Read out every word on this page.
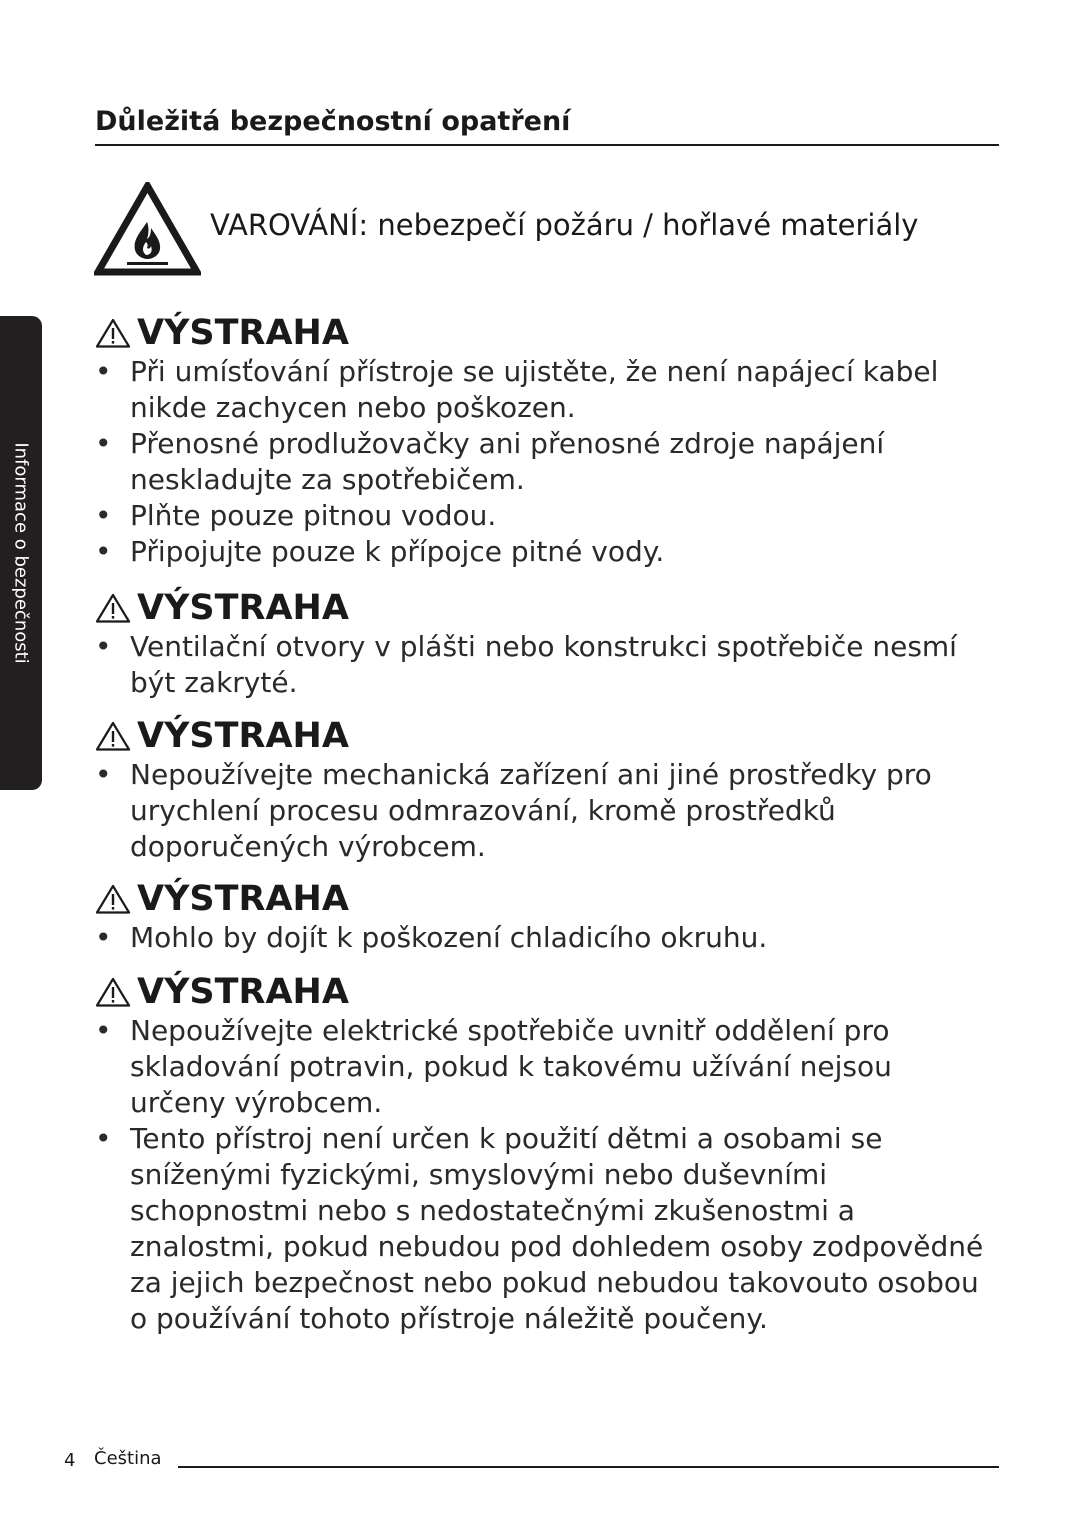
Důležitá bezpečnostní opatření
VAROVÁNÍ: nebezpečí požáru / hořlavé materiály
Informace o bezpečnosti
VÝSTRAHA
• Při umísťování přístroje se ujistěte, že není napájecí kabel nikde zachycen nebo poškozen.
• Přenosné prodlužovačky ani přenosné zdroje napájení neskladujte za spotřebičem.
• Plňte pouze pitnou vodou.
• Připojujte pouze k přípojce pitné vody.
VÝSTRAHA
• Ventilační otvory v plášti nebo konstrukci spotřebiče nesmí být zakryté.
VÝSTRAHA
• Nepoužívejte mechanická zařízení ani jiné prostředky pro urychlení procesu odmrazování, kromě prostředků doporučených výrobcem.
VÝSTRAHA
• Mohlo by dojít k poškození chladicího okruhu.
VÝSTRAHA
• Nepoužívejte elektrické spotřebiče uvnitř oddělení pro skladování potravin, pokud k takovému užívání nejsou určeny výrobcem.
• Tento přístroj není určen k použití dětmi a osobami se sníženými fyzickými, smyslovými nebo duševními schopnostmi nebo s nedostatečnými zkušenostmi a znalostmi, pokud nebudou pod dohledem osoby zodpovědné za jejich bezpečnost nebo pokud nebudou takovouto osobou o používání tohoto přístroje náležitě poučeny.
4 Čeština
